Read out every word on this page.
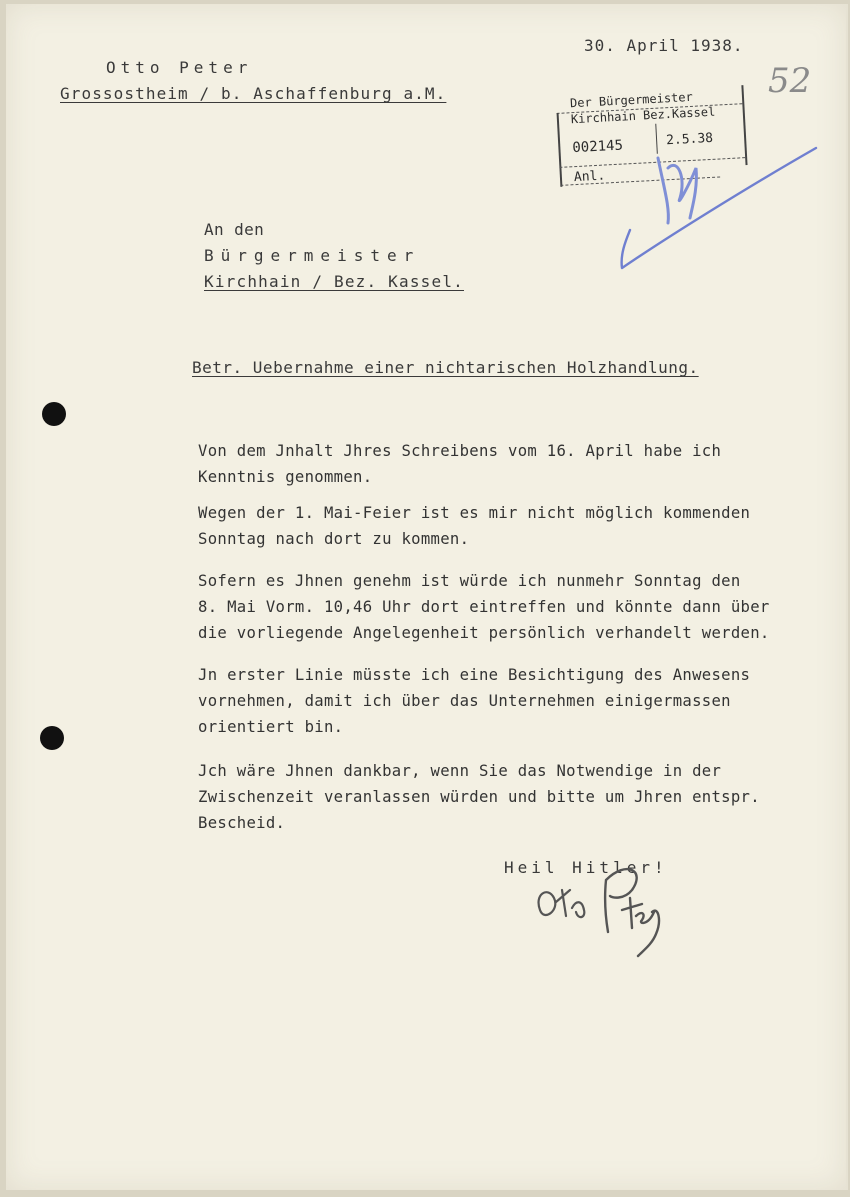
30. April 1938.
Otto Peter
Grossostheim / b. Aschaffenburg a.M.	52
Der Bürgermeister
Kirchhain Bez.Kassel
002145	2.5.38
Anl.
An den
Bürgermeister
Kirchhain / Bez. Kassel.
Betr. Uebernahme einer nichtarischen Holzhandlung.
Von dem Jnhalt Jhres Schreibens vom 16. April habe ich
Kenntnis genommen.
Wegen der 1. Mai-Feier ist es mir nicht möglich kommenden
Sonntag nach dort zu kommen.
Sofern es Jhnen genehm ist würde ich nunmehr Sonntag den
8. Mai Vorm. 10,46 Uhr dort eintreffen und könnte dann über
die vorliegende Angelegenheit persönlich verhandelt werden.
Jn erster Linie müsste ich eine Besichtigung des Anwesens
vornehmen, damit ich über das Unternehmen einigermassen
orientiert bin.
Jch wäre Jhnen dankbar, wenn Sie das Notwendige in der
Zwischenzeit veranlassen würden und bitte um Jhren entspr.
Bescheid.
Heil Hitler!
